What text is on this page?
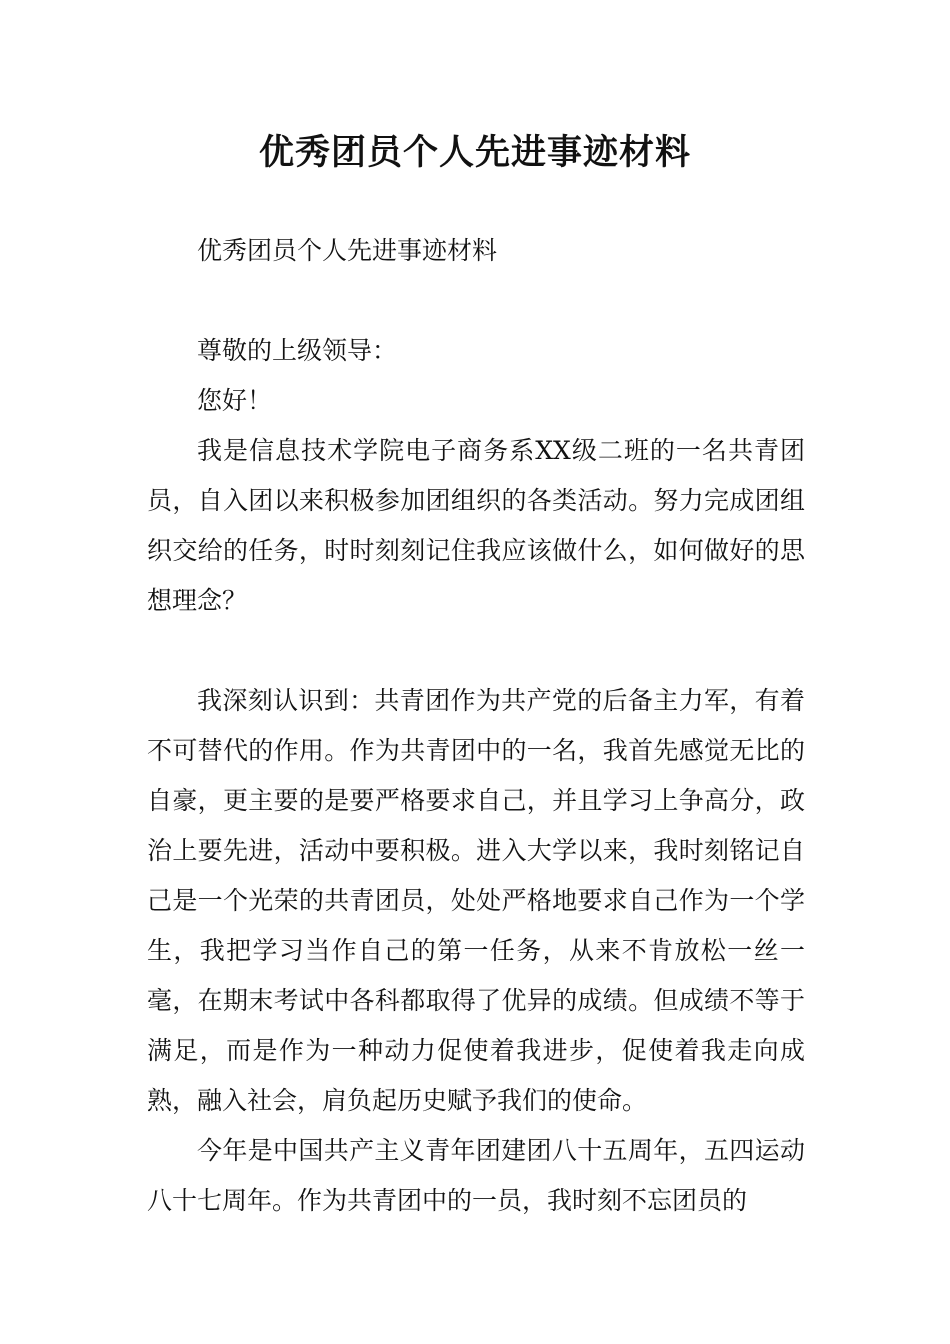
优秀团员个人先进事迹材料

优秀团员个人先进事迹材料

尊敬的上级领导：

您好！

我是信息技术学院电子商务系XX级二班的一名共青团员，自入团以来积极参加团组织的各类活动。努力完成团组织交给的任务，时时刻刻记住我应该做什么，如何做好的思想理念？

我深刻认识到：共青团作为共产党的后备主力军，有着不可替代的作用。作为共青团中的一名，我首先感觉无比的自豪，更主要的是要严格要求自己，并且学习上争高分，政治上要先进，活动中要积极。进入大学以来，我时刻铭记自己是一个光荣的共青团员，处处严格地要求自己作为一个学生，我把学习当作自己的第一任务，从来不肯放松一丝一毫，在期末考试中各科都取得了优异的成绩。但成绩不等于满足，而是作为一种动力促使着我进步，促使着我走向成熟，融入社会，肩负起历史赋予我们的使命。

今年是中国共产主义青年团建团八十五周年，五四运动八十七周年。作为共青团中的一员，我时刻不忘团员的
